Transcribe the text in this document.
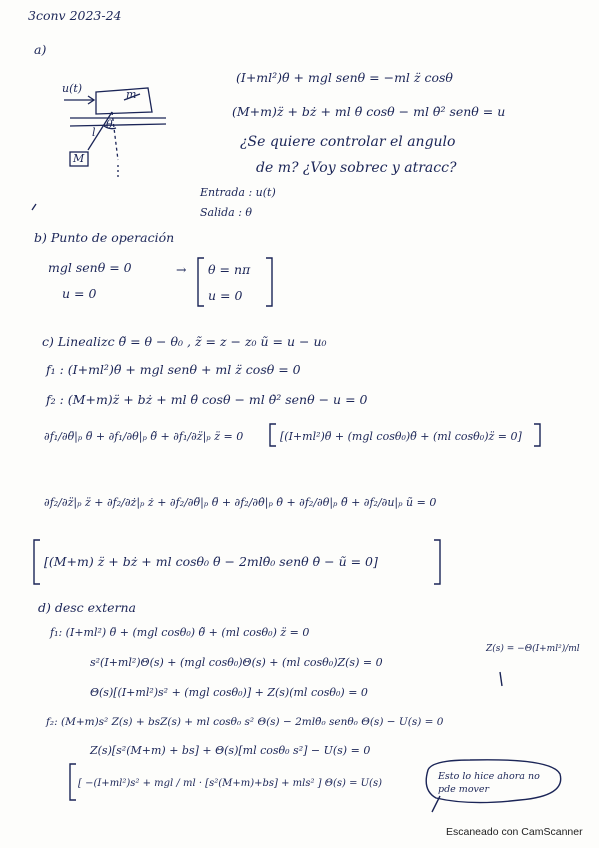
3conv 2023-24
a)
u(t)	m
l
θ
M
(I+ml²)θ̈ + mgl senθ = −ml z̈ cosθ
(M+m)z̈ + bż + ml θ̈ cosθ − ml θ̇² senθ = u
¿Se quiere controlar el angulo
de m? ¿Voy sobrec y atracc?
Entrada : u(t)
Salida : θ
b) Punto de operación
mgl senθ = 0
u = 0
→ θ = nπ
u = 0
c) Linealizc θ̃ = θ − θ₀ , z̃ = z − z₀ ũ = u − u₀
f₁ : (I+ml²)θ̈ + mgl senθ + ml z̈ cosθ = 0
f₂ : (M+m)z̈ + bż + ml θ̈ cosθ − ml θ̇² senθ − u = 0
∂f₁/∂θ̈|ₚ θ̈ + ∂f₁/∂θ|ₚ θ̃ + ∂f₁/∂z̈|ₚ z̈ = 0	[(I+ml²)θ̈ + (mgl cosθ₀)θ̃ + (ml cosθ₀)z̈ = 0]
∂f₂/∂z̈|ₚ z̈ + ∂f₂/∂ż|ₚ ż + ∂f₂/∂θ̈|ₚ θ̈ + ∂f₂/∂θ̇|ₚ θ̇ + ∂f₂/∂θ|ₚ θ̃ + ∂f₂/∂u|ₚ ũ = 0
[(M+m) z̈ + bż + ml cosθ₀ θ̈ − 2mlθ̇₀ senθ θ̇ − ũ = 0]
d) desc externa
f₁: (I+ml²) θ̈ + (mgl cosθ₀) θ̃ + (ml cosθ₀) z̈ = 0
s²(I+ml²)Θ(s) + (mgl cosθ₀)Θ(s) + (ml cosθ₀)Z(s) = 0
Z(s) = −Θ(I+ml²)/ml
Θ(s)[(I+ml²)s² + (mgl cosθ₀)] + Z(s)(ml cosθ₀) = 0
f₂: (M+m)s² Z(s) + bsZ(s) + ml cosθ₀ s² Θ(s) − 2mlθ̇₀ senθ₀ Θ(s) − U(s) = 0
Z(s)[s²(M+m) + bs] + Θ(s)[ml cosθ₀ s²] − U(s) = 0
[ −(I+ml²)s² + mgl / ml · [s²(M+m)+bs] + mls² ] Θ(s) = U(s)
Esto lo hice ahora no pde mover
Escaneado con CamScanner
